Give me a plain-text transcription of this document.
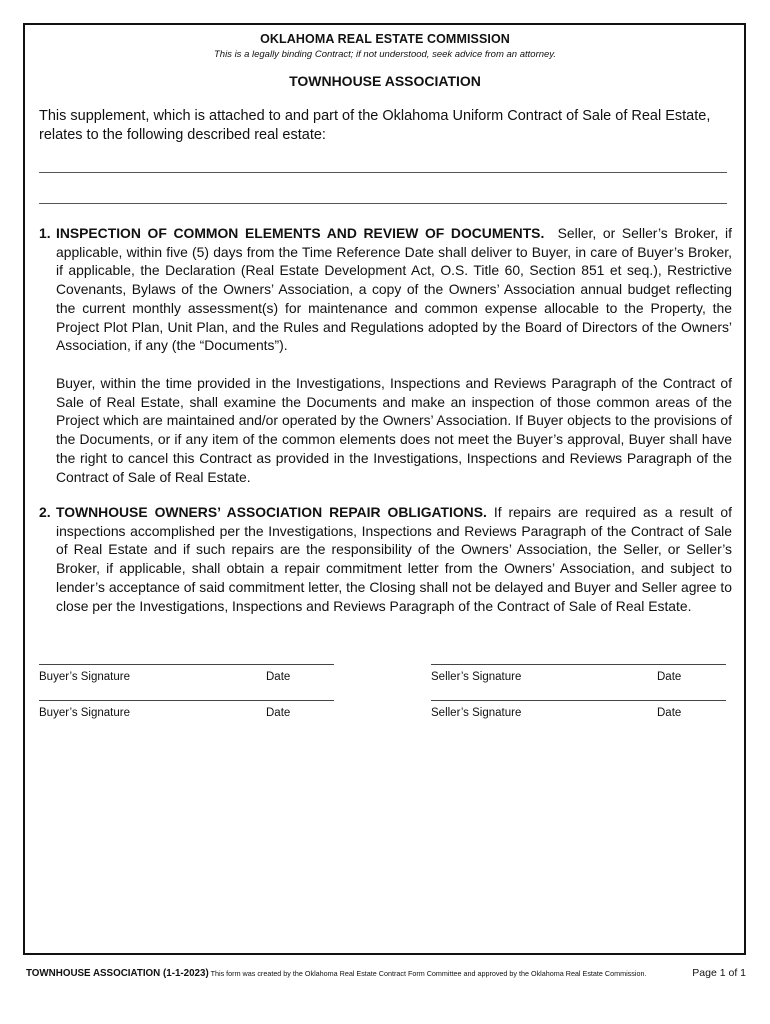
OKLAHOMA REAL ESTATE COMMISSION
This is a legally binding Contract; if not understood, seek advice from an attorney.
TOWNHOUSE ASSOCIATION

This supplement, which is attached to and part of the Oklahoma Uniform Contract of Sale of Real Estate, relates to the following described real estate:

1. INSPECTION OF COMMON ELEMENTS AND REVIEW OF DOCUMENTS. Seller, or Seller’s Broker, if applicable, within five (5) days from the Time Reference Date shall deliver to Buyer, in care of Buyer’s Broker, if applicable, the Declaration (Real Estate Development Act, O.S. Title 60, Section 851 et seq.), Restrictive Covenants, Bylaws of the Owners’ Association, a copy of the Owners’ Association annual budget reflecting the current monthly assessment(s) for maintenance and common expense allocable to the Property, the Project Plot Plan, Unit Plan, and the Rules and Regulations adopted by the Board of Directors of the Owners’ Association, if any (the “Documents”).

Buyer, within the time provided in the Investigations, Inspections and Reviews Paragraph of the Contract of Sale of Real Estate, shall examine the Documents and make an inspection of those common areas of the Project which are maintained and/or operated by the Owners’ Association. If Buyer objects to the provisions of the Documents, or if any item of the common elements does not meet the Buyer’s approval, Buyer shall have the right to cancel this Contract as provided in the Investigations, Inspections and Reviews Paragraph of the Contract of Sale of Real Estate.

2. TOWNHOUSE OWNERS’ ASSOCIATION REPAIR OBLIGATIONS. If repairs are required as a result of inspections accomplished per the Investigations, Inspections and Reviews Paragraph of the Contract of Sale of Real Estate and if such repairs are the responsibility of the Owners’ Association, the Seller, or Seller’s Broker, if applicable, shall obtain a repair commitment letter from the Owners’ Association, and subject to lender’s acceptance of said commitment letter, the Closing shall not be delayed and Buyer and Seller agree to close per the Investigations, Inspections and Reviews Paragraph of the Contract of Sale of Real Estate.

Buyer’s Signature	Date	Seller’s Signature	Date
Buyer’s Signature	Date	Seller’s Signature	Date
TOWNHOUSE ASSOCIATION (1-1-2023) This form was created by the Oklahoma Real Estate Contract Form Committee and approved by the Oklahoma Real Estate Commission.	Page 1 of 1
